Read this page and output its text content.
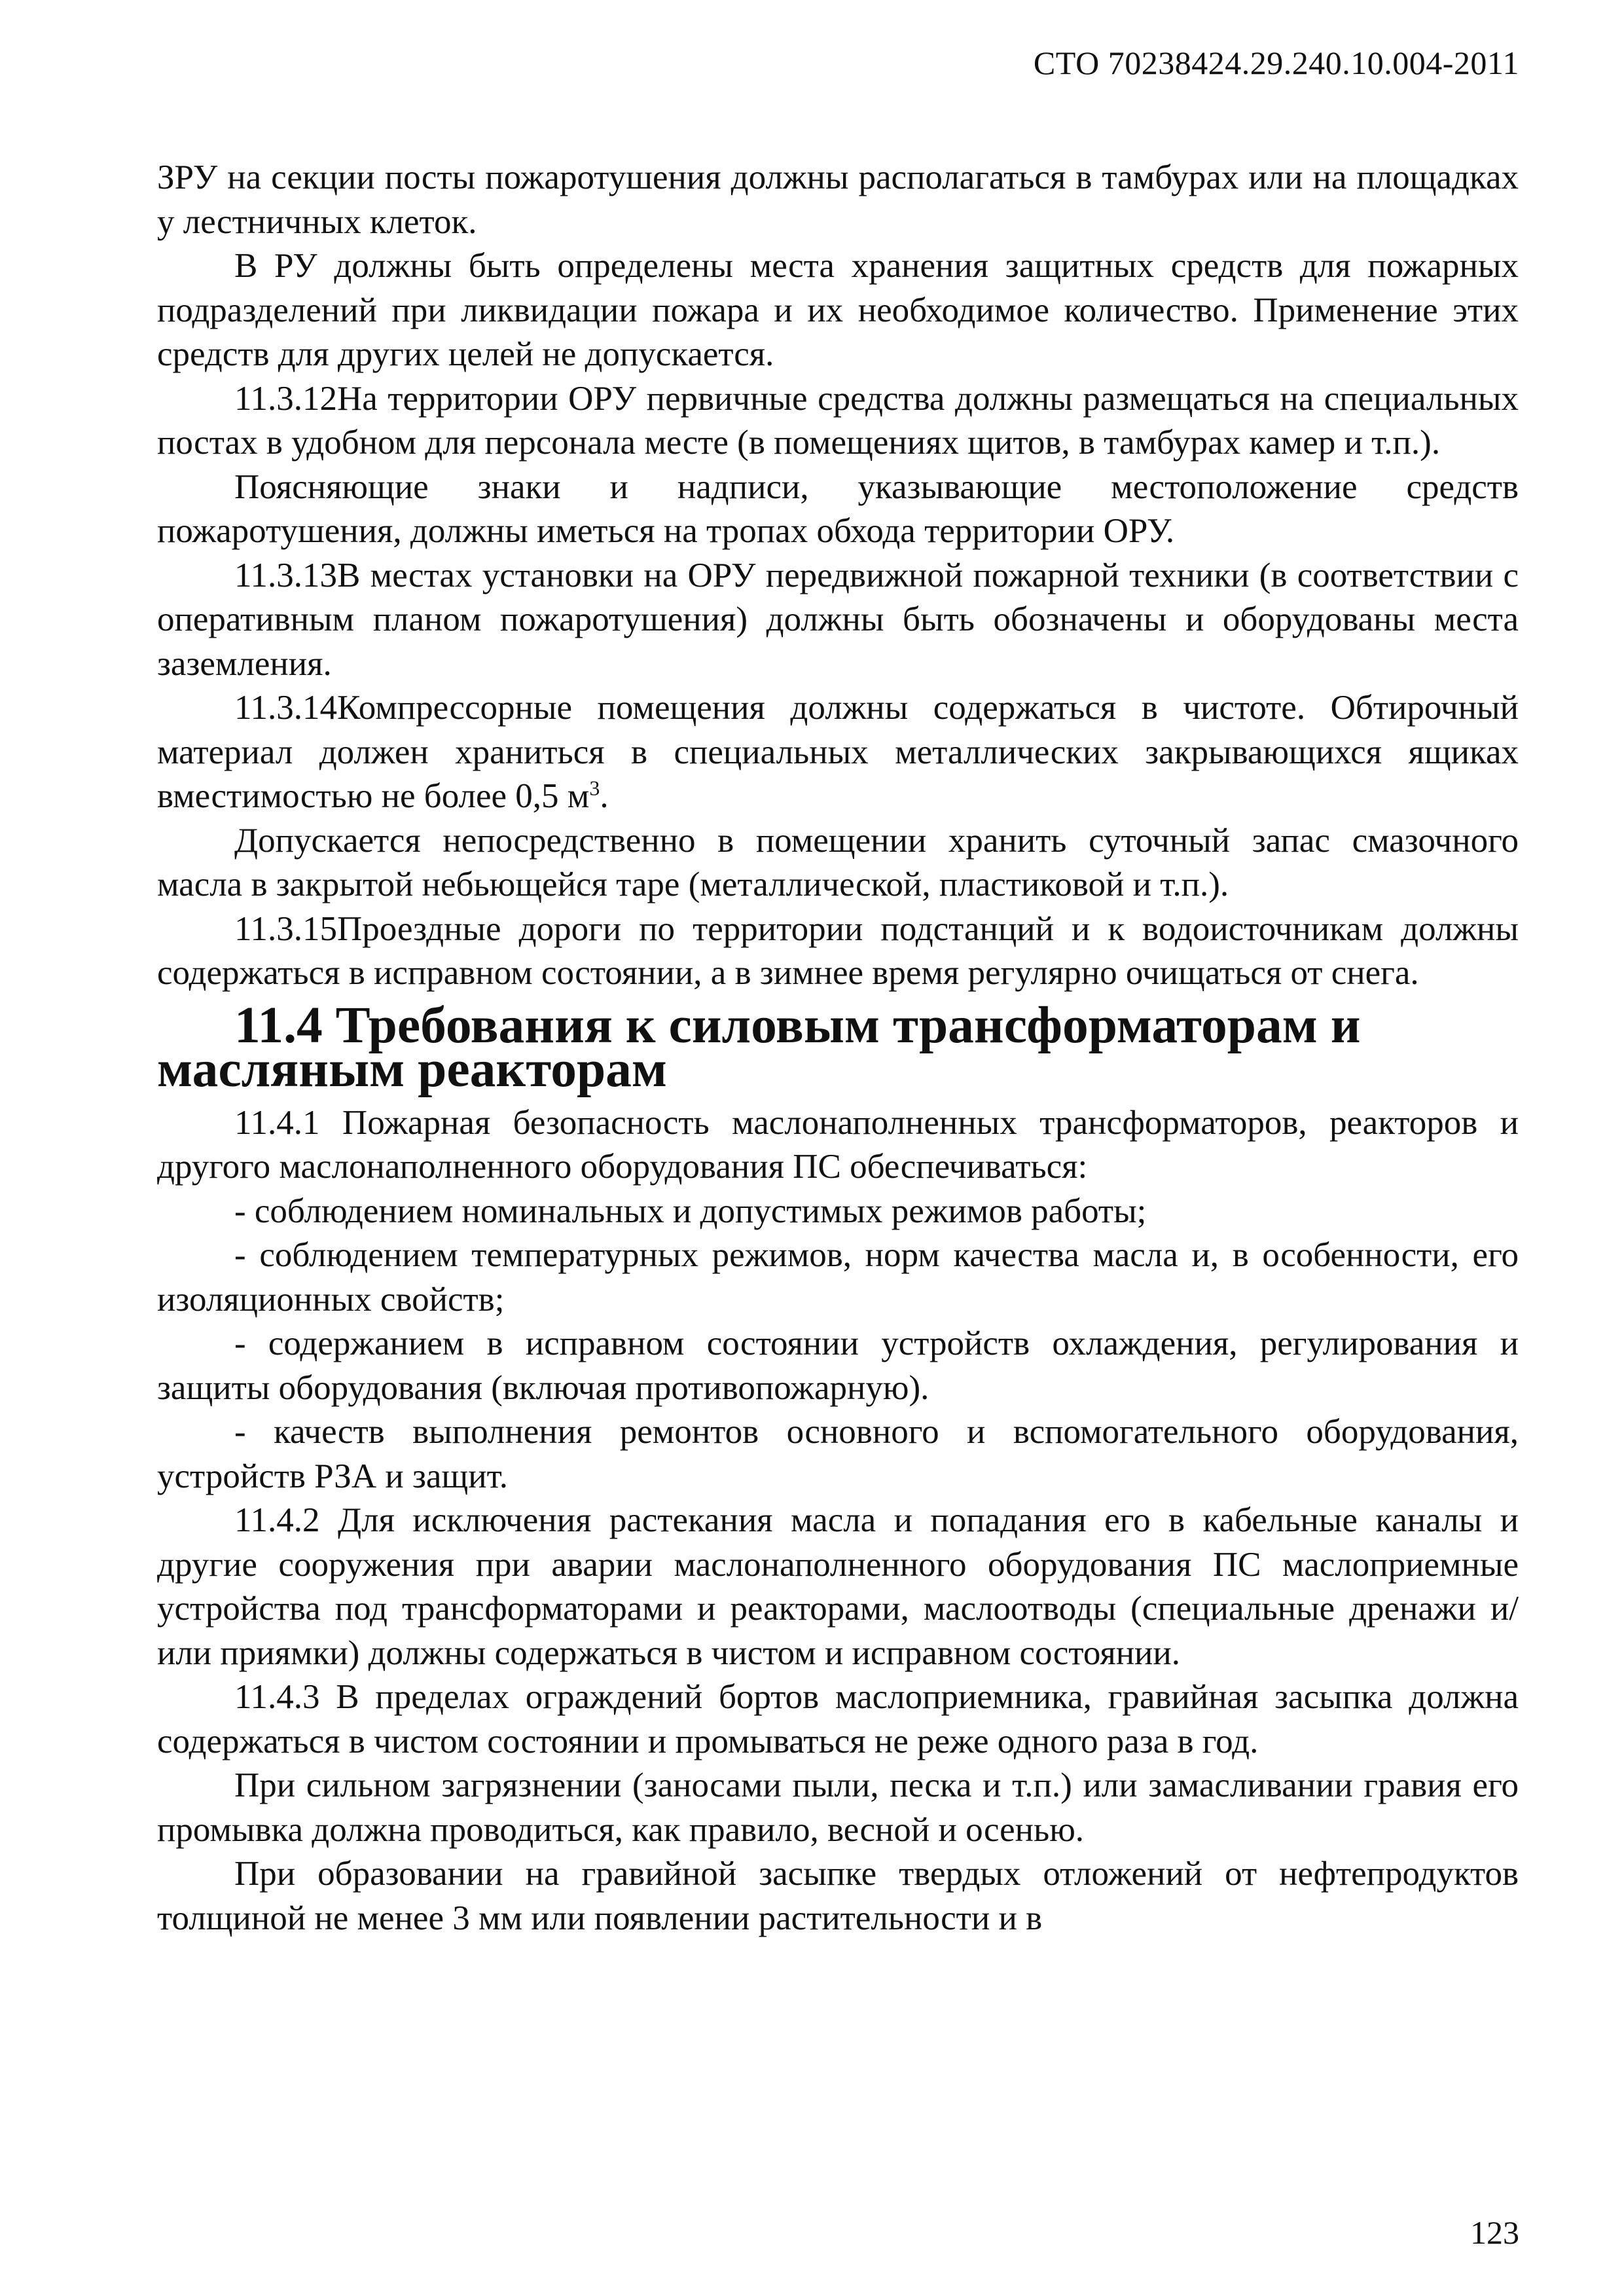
СТО 70238424.29.240.10.004-2011

ЗРУ на секции посты пожаротушения должны располагаться в тамбурах или на площадках у лестничных клеток.

В РУ должны быть определены места хранения защитных средств для пожарных подразделений при ликвидации пожара и их необходимое количество. Применение этих средств для других целей не допускается.

11.3.12На территории ОРУ первичные средства должны размещаться на специальных постах в удобном для персонала месте (в помещениях щитов, в тамбурах камер и т.п.).

Поясняющие знаки и надписи, указывающие местоположение средств пожаротушения, должны иметься на тропах обхода территории ОРУ.

11.3.13В местах установки на ОРУ передвижной пожарной техники (в соответствии с оперативным планом пожаротушения) должны быть обозначены и оборудованы места заземления.

11.3.14Компрессорные помещения должны содержаться в чистоте. Обтирочный материал должен храниться в специальных металлических закрывающихся ящиках вместимостью не более 0,5 $м^3$.

Допускается непосредственно в помещении хранить суточный запас смазочного масла в закрытой небьющейся таре (металлической, пластиковой и т.п.).

11.3.15Проездные дороги по территории подстанций и к водоисточникам должны содержаться в исправном состоянии, а в зимнее время регулярно очищаться от снега.

11.4 Требования к силовым трансформаторам и масляным реакторам

11.4.1 Пожарная безопасность маслонаполненных трансформаторов, реакторов и другого маслонаполненного оборудования ПС обеспечиваться:

- соблюдением номинальных и допустимых режимов работы;

- соблюдением температурных режимов, норм качества масла и, в особенности, его изоляционных свойств;

- содержанием в исправном состоянии устройств охлаждения, регулирования и защиты оборудования (включая противопожарную).

- качеств выполнения ремонтов основного и вспомогательного оборудования, устройств РЗА и защит.

11.4.2 Для исключения растекания масла и попадания его в кабельные каналы и другие сооружения при аварии маслонаполненного оборудования ПС маслоприемные устройства под трансформаторами и реакторами, маслоотводы (специальные дренажи и/или приямки) должны содержаться в чистом и исправном состоянии.

11.4.3 В пределах ограждений бортов маслоприемника, гравийная засыпка должна содержаться в чистом состоянии и промываться не реже одного раза в год.

При сильном загрязнении (заносами пыли, песка и т.п.) или замасливании гравия его промывка должна проводиться, как правило, весной и осенью.

При образовании на гравийной засыпке твердых отложений от нефтепродуктов толщиной не менее 3 мм или появлении растительности и в

123
